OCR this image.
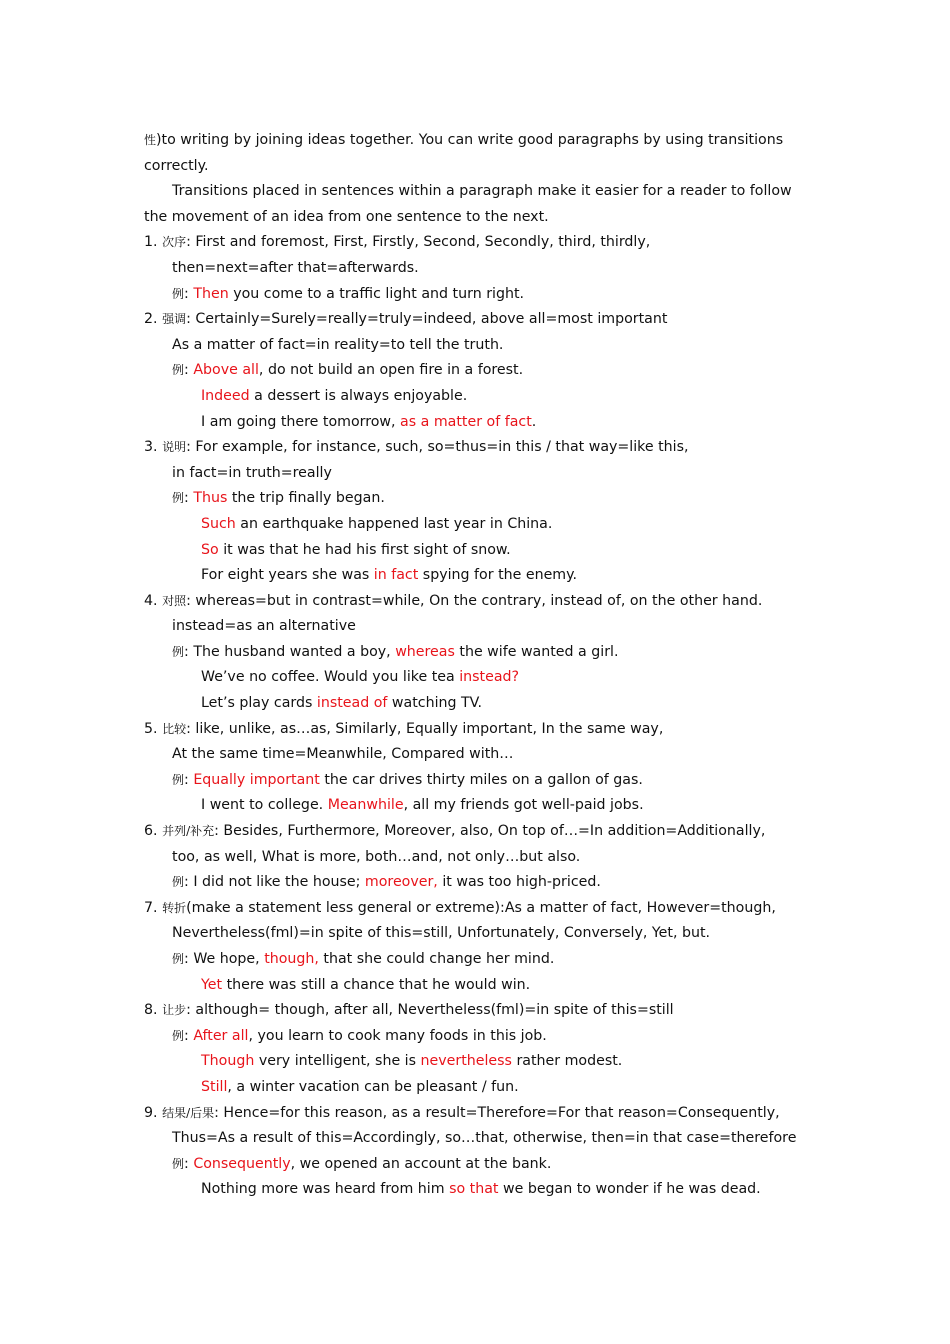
性)to writing by joining ideas together. You can write good paragraphs by using transitions
correctly.
Transitions placed in sentences within a paragraph make it easier for a reader to follow
the movement of an idea from one sentence to the next.
1. 次序: First and foremost, First, Firstly, Second, Secondly, third, thirdly,
then=next=after that=afterwards.
例: Then you come to a traffic light and turn right.
2. 强调: Certainly=Surely=really=truly=indeed, above all=most important
As a matter of fact=in reality=to tell the truth.
例: Above all, do not build an open fire in a forest.
Indeed a dessert is always enjoyable.
I am going there tomorrow, as a matter of fact.
3. 说明: For example, for instance, such, so=thus=in this / that way=like this,
in fact=in truth=really
例: Thus the trip finally began.
Such an earthquake happened last year in China.
So it was that he had his first sight of snow.
For eight years she was in fact spying for the enemy.
4. 对照: whereas=but in contrast=while, On the contrary, instead of, on the other hand.
instead=as an alternative
例: The husband wanted a boy, whereas the wife wanted a girl.
We’ve no coffee. Would you like tea instead?
Let’s play cards instead of watching TV.
5. 比较: like, unlike, as…as, Similarly, Equally important, In the same way,
At the same time=Meanwhile, Compared with…
例: Equally important the car drives thirty miles on a gallon of gas.
I went to college. Meanwhile, all my friends got well-paid jobs.
6. 并列/补充: Besides, Furthermore, Moreover, also, On top of…=In addition=Additionally,
too, as well, What is more, both…and, not only…but also.
例: I did not like the house; moreover, it was too high-priced.
7. 转折(make a statement less general or extreme):As a matter of fact, However=though,
Nevertheless(fml)=in spite of this=still, Unfortunately, Conversely, Yet, but.
例: We hope, though, that she could change her mind.
Yet there was still a chance that he would win.
8. 让步: although= though, after all, Nevertheless(fml)=in spite of this=still
例: After all, you learn to cook many foods in this job.
Though very intelligent, she is nevertheless rather modest.
Still, a winter vacation can be pleasant / fun.
9. 结果/后果: Hence=for this reason, as a result=Therefore=For that reason=Consequently,
Thus=As a result of this=Accordingly, so…that, otherwise, then=in that case=therefore
例: Consequently, we opened an account at the bank.
Nothing more was heard from him so that we began to wonder if he was dead.
